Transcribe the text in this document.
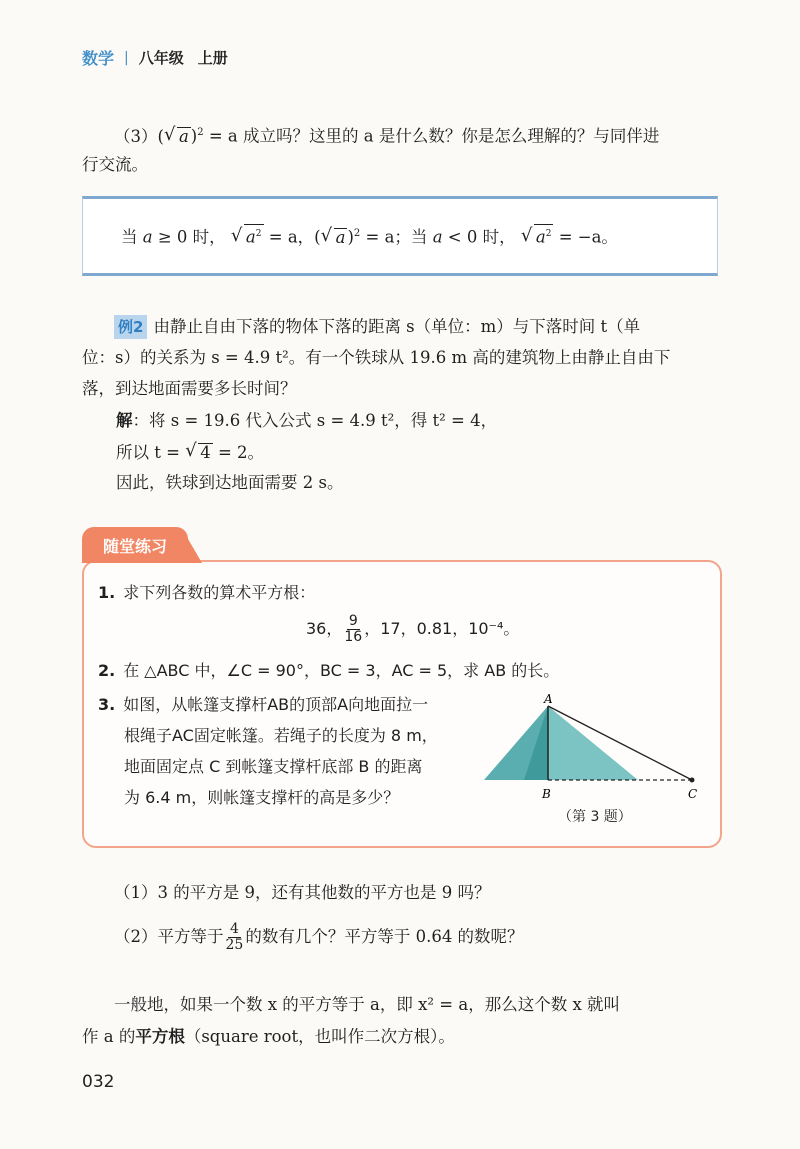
数学 | 八年级 上册
（3）( √ a )$^2$ = a 成立吗？这里的 a 是什么数？你是怎么理解的？与同伴进
行交流。
当 a ≥ 0 时， √ $a^2 = a$，( √ a )$^2$ = a；当 a < 0 时， √ $a^2 = -a$。
例2 由静止自由下落的物体下落的距离 s（单位：m）与下落时间 t（单
位：s）的关系为 s = 4.9 t²。有一个铁球从 19.6 m 高的建筑物上由静止自由下
落，到达地面需要多长时间？
解：将 s = 19.6 代入公式 s = 4.9 t²，得 t² = 4，
所以 t = √ 4 = 2。
因此，铁球到达地面需要 2 s。
随堂练习
1. 求下列各数的算术平方根：
36， $\frac{9}{16}$ ，17，0.81，10⁻⁴。
2. 在 △ABC 中，∠C = 90°，BC = 3，AC = 5，求 AB 的长。
3. 如图，从帐篷支撑杆AB的顶部A向地面拉一
根绳子AC固定帐篷。若绳子的长度为 8 m，
地面固定点 C 到帐篷支撑杆底部 B 的距离
为 6.4 m，则帐篷支撑杆的高是多少？
A
B	C
（第 3 题）
（1）3 的平方是 9，还有其他数的平方也是 9 吗？
（2）平方等于 $\frac{4}{25}$ 的数有几个？平方等于 0.64 的数呢？
一般地，如果一个数 x 的平方等于 a，即 x² = a，那么这个数 x 就叫
作 a 的平方根（square root，也叫作二次方根）。
032
